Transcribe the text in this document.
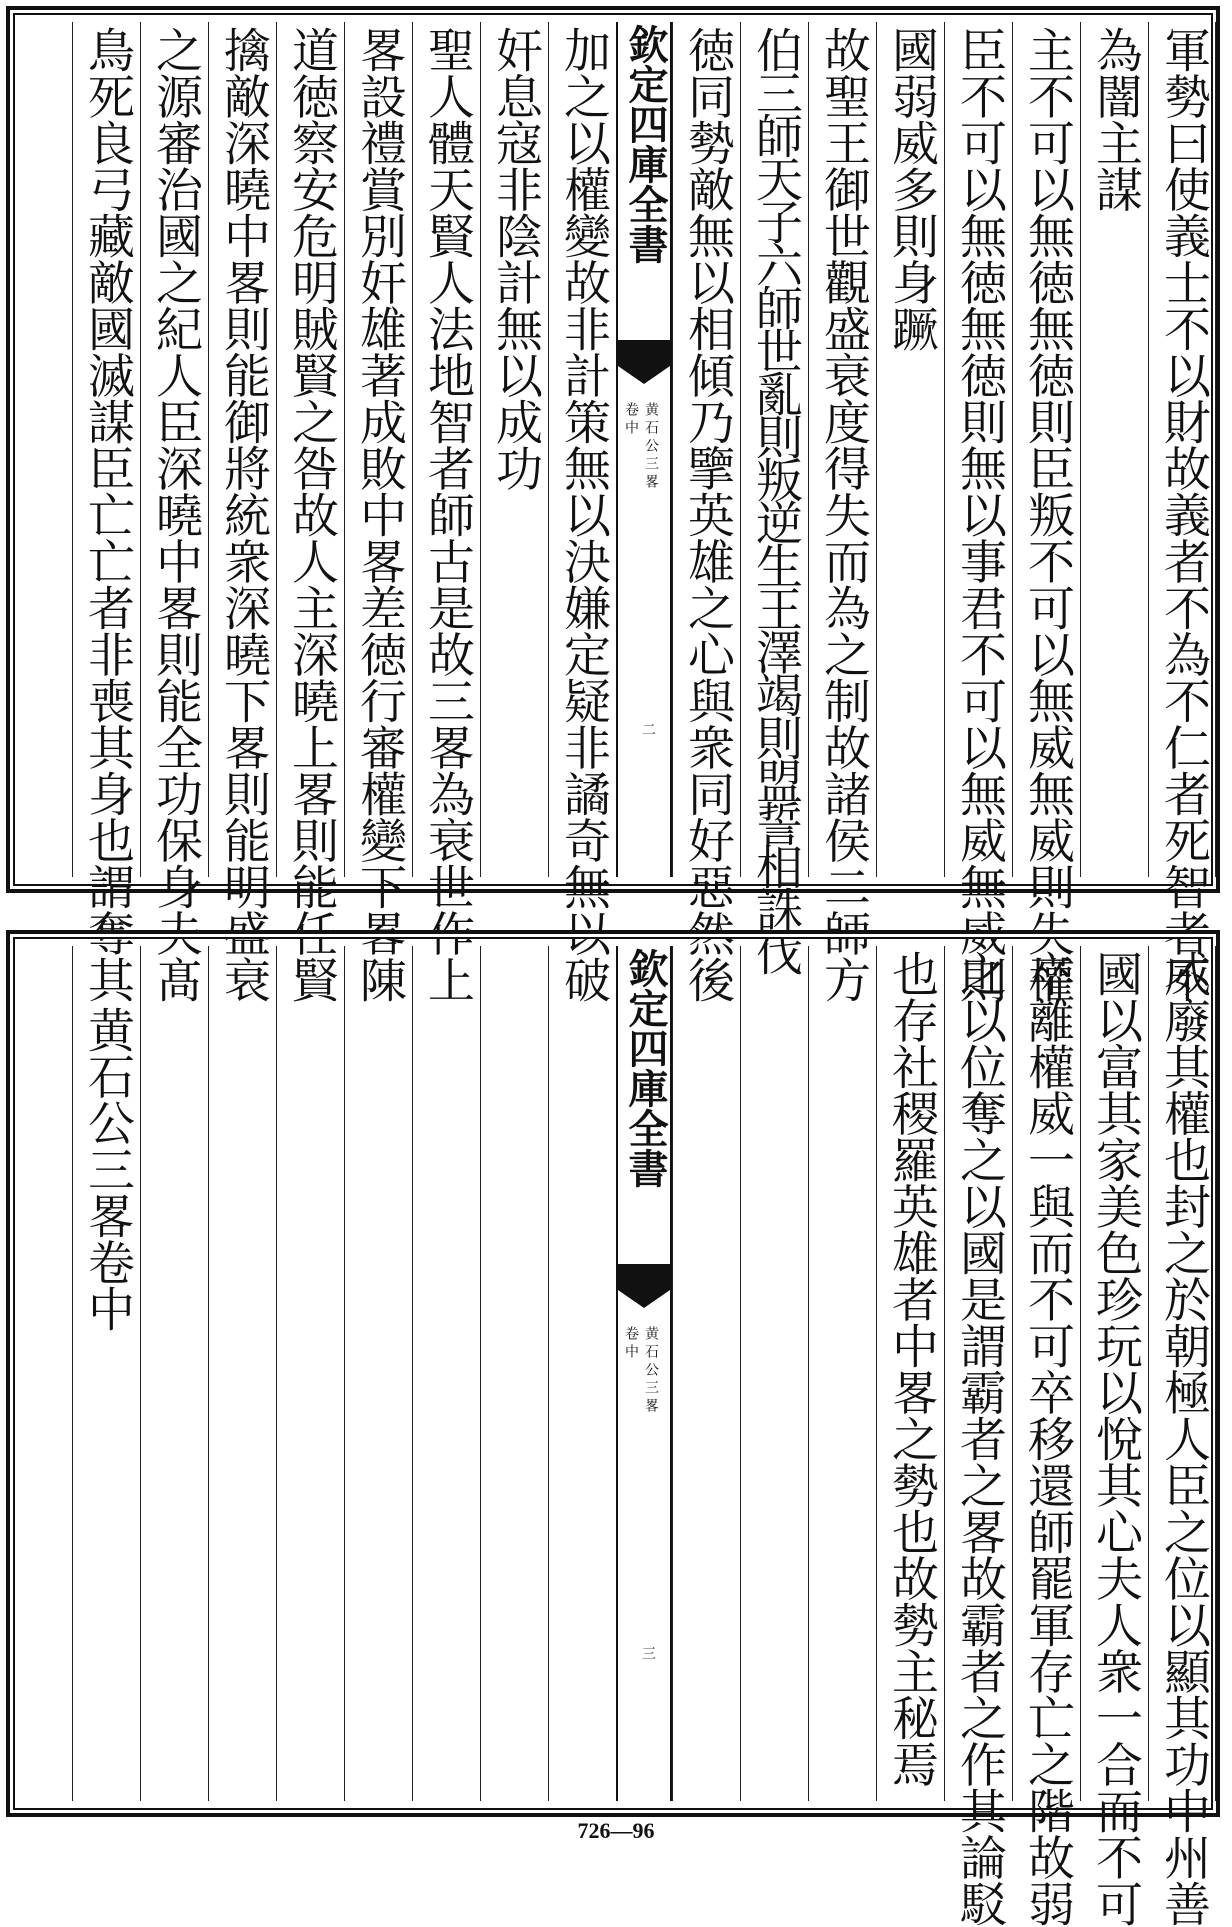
軍勢曰使義士不以財故義者不為不仁者死智者不
為闇主謀
主不可以無徳無徳則臣叛不可以無威無威則失權
臣不可以無徳無徳則無以事君不可以無威無威則
國弱威多則身蹶
故聖王御世觀盛衰度得失而為之制故諸侯二師方
伯三師天子六師世亂則叛逆生王澤竭則盟誓相誅伐
徳同勢敵無以相傾乃擥英雄之心與衆同好惡然後
欽定四庫全書
黄石公三畧
卷中
二
加之以權變故非計策無以決嫌定疑非譎奇無以破
奸息寇非陰計無以成功
聖人體天賢人法地智者師古是故三畧為衰世作上
畧設禮賞別奸雄著成敗中畧差徳行審權變下畧陳
道徳察安危明賊賢之咎故人主深曉上畧則能任賢
擒敵深曉中畧則能御將統衆深曉下畧則能明盛衰
之源審治國之紀人臣深曉中畧則能全功保身夫髙
鳥死良弓藏敵國滅謀臣亡亡者非喪其身也謂奪其
威廢其權也封之於朝極人臣之位以顯其功中州善
國以富其家美色珍玩以悅其心夫人衆一合而不可
卒離權威一與而不可卒移還師罷軍存亡之階故弱
之以位奪之以國是謂霸者之畧故霸者之作其論駁
也存社稷羅英雄者中畧之勢也故勢主秘焉
欽定四庫全書
黄石公三畧
卷中
三
黄石公三畧卷中
726—96
